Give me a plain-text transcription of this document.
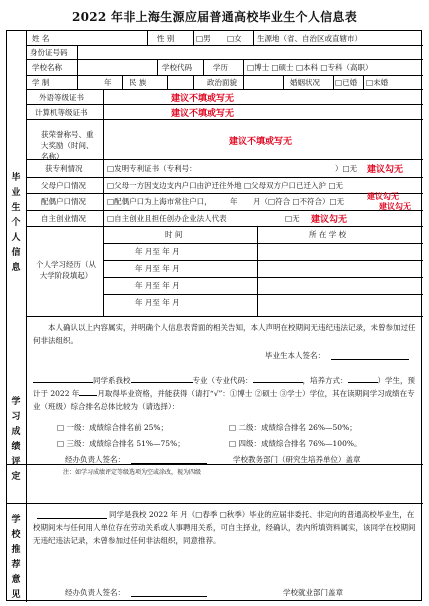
2022 年非上海生源应届普通高校毕业生个人信息表
毕业生个人信息
学习成绩评定
学校推荐意见
姓 名	性 别	□男 □女 生源地（省、自治区或直辖市）
身份证号码
学校名称	学校代码	学历	□博士 □硕士 □本科 □专科（高职）
学 制	年 民 族	政治面貌	婚姻状况 □已婚 □未婚
外语等级证书	建议不填或写无
计算机等级证书	建议不填或写无
获荣誉称号、重大奖励（时间、名称）
建议不填或写无
获专利情况	□发明专利证书（专利号：	）□无 建议勾无
父母户口情况	□父母一方因支边支内户口由沪迁往外地 □父母双方户口已迁入沪 □无
建议勾无
配偶户口情况	□配偶户口为上海市常住户口， 年 月（□符合 □不符合）□无
建议勾无
自主创业情况	□自主创业且担任创办企业法人代表	□无 建议勾无
个人学习经历（从大学阶段填起）
时 间	所 在 学 校
年 月至 年 月
年 月至 年 月
年 月至 年 月
年 月至 年 月
本人确认以上内容属实，并明确个人信息表背面的相关告知，本人声明在校期间无违纪违法记录，未曾参加过任何非法组织。
毕业生本人签名：
同学系我校	专业（专业代码：	，培养方式：	）学生，预计于 2022 年 月取得毕业资格，并能获得（请打“√”：①博士 ②硕士 ③学士）学位，其在读期间学习成绩在专业（班级）综合排名总体比较为（请选择）：
□ 一级：成绩综合排名前 25%；	□ 二级：成绩综合排名 26%—50%；
□ 三级：成绩综合排名 51%—75%；	□ 四级：成绩综合排名 76%—100%。
经办负责人签名：	学校教务部门（研究生培养单位）盖章
注：如学习成绩评定等级选项为空或涂改，视为四级
同学是我校 2022 年 月（□春季 □秋季）毕业的应届非委托、非定向的普通高校毕业生，在校期间未与任何用人单位存在劳动关系或人事聘用关系，可自主择业，经确认，表内所填资料属实，该同学在校期间无违纪违法记录，未曾参加过任何非法组织，同意推荐。
经办负责人签名：	学校就业部门盖章
